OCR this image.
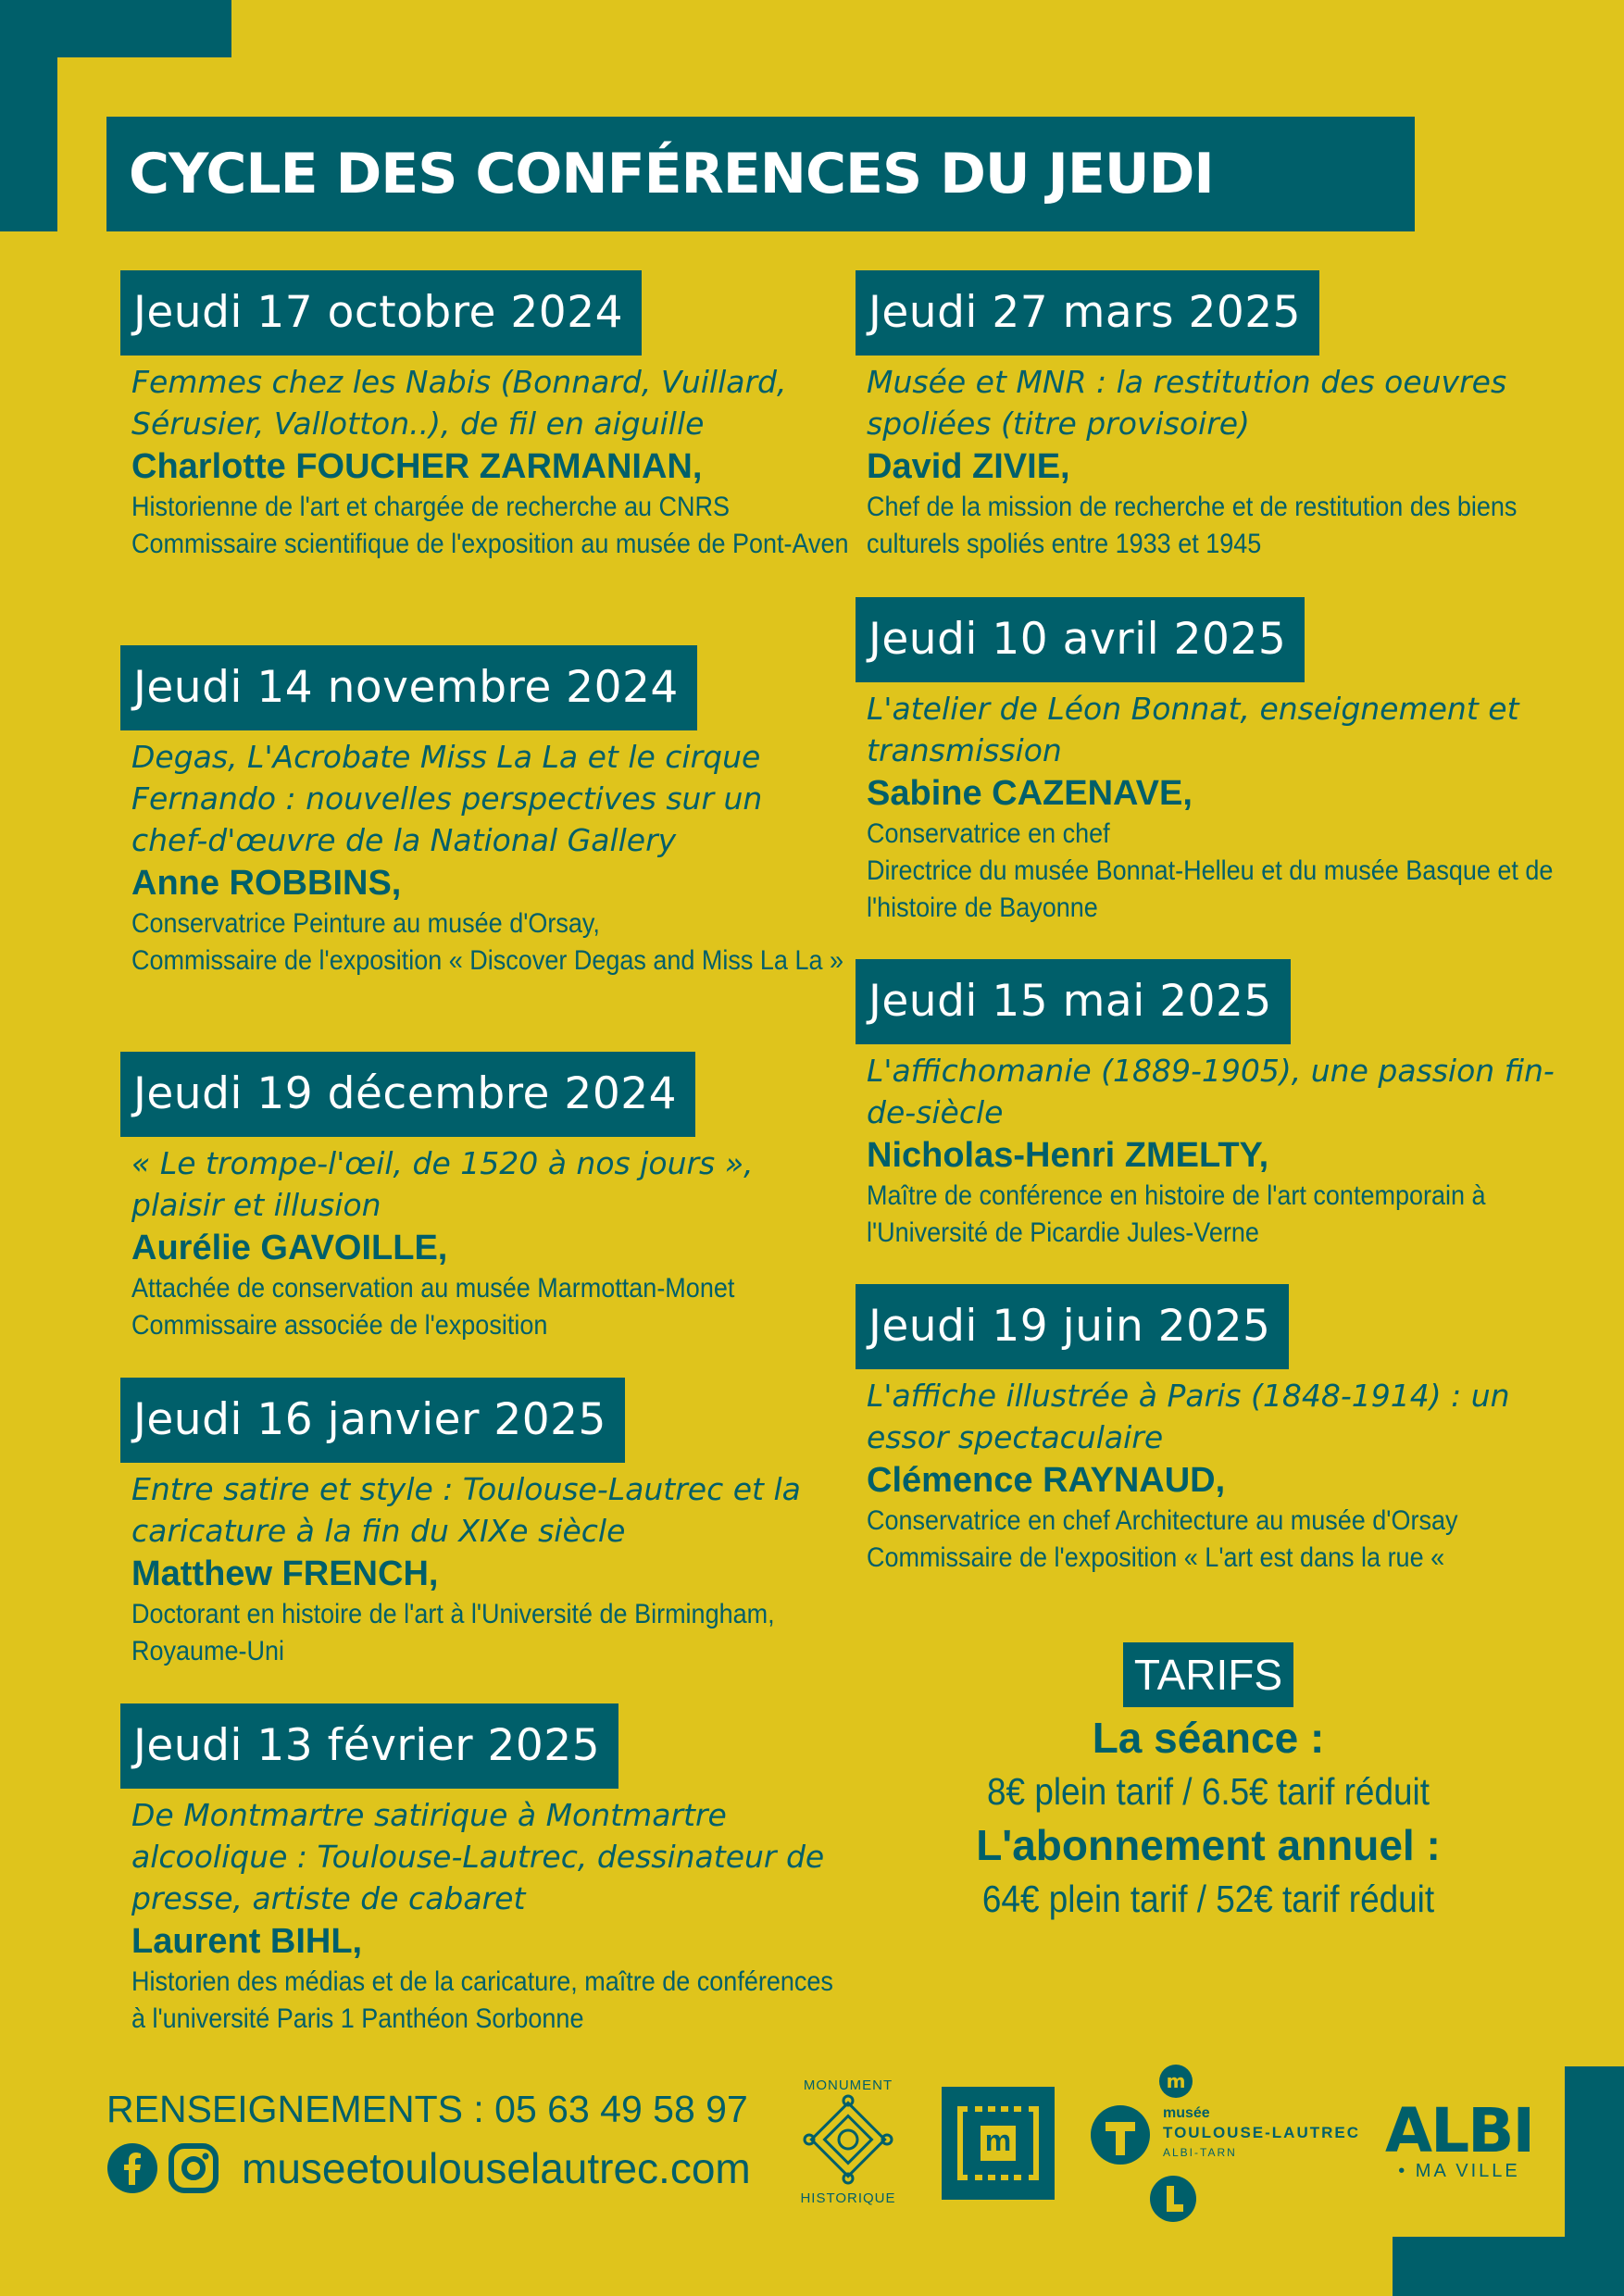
CYCLE DES CONFÉRENCES DU JEUDI
Jeudi 17 octobre 2024
Femmes chez les Nabis (Bonnard, Vuillard, Sérusier, Vallotton..), de fil en aiguille
Charlotte FOUCHER ZARMANIAN,
Historienne de l'art et chargée de recherche au CNRS
Commissaire scientifique de l'exposition au musée de Pont-Aven
Jeudi 14 novembre 2024
Degas, L'Acrobate Miss La La et le cirque Fernando : nouvelles perspectives sur un chef-d'œuvre de la National Gallery
Anne ROBBINS,
Conservatrice Peinture au musée d'Orsay,
Commissaire de l'exposition « Discover Degas and Miss La La »
Jeudi 19 décembre 2024
« Le trompe-l'œil, de 1520 à nos jours », plaisir et illusion
Aurélie GAVOILLE,
Attachée de conservation au musée Marmottan-Monet
Commissaire associée de l'exposition
Jeudi 16 janvier 2025
Entre satire et style : Toulouse-Lautrec et la caricature à la fin du XIXe siècle
Matthew FRENCH,
Doctorant en histoire de l'art à l'Université de Birmingham, Royaume-Uni
Jeudi 13 février 2025
De Montmartre satirique à Montmartre alcoolique : Toulouse-Lautrec, dessinateur de presse, artiste de cabaret
Laurent BIHL,
Historien des médias et de la caricature, maître de conférences à l'université Paris 1 Panthéon Sorbonne
Jeudi 27 mars 2025
Musée et MNR : la restitution des oeuvres spoliées (titre provisoire)
David ZIVIE,
Chef de la mission de recherche et de restitution des biens culturels spoliés entre 1933 et 1945
Jeudi 10 avril 2025
L'atelier de Léon Bonnat, enseignement et transmission
Sabine CAZENAVE,
Conservatrice en chef
Directrice du musée Bonnat-Helleu et du musée Basque et de l'histoire de Bayonne
Jeudi 15 mai 2025
L'affichomanie (1889-1905), une passion fin-de-siècle
Nicholas-Henri ZMELTY,
Maître de conférence en histoire de l'art contemporain à l'Université de Picardie Jules-Verne
Jeudi 19 juin 2025
L'affiche illustrée à Paris (1848-1914) : un essor spectaculaire
Clémence RAYNAUD,
Conservatrice en chef Architecture au musée d'Orsay
Commissaire de l'exposition « L'art est dans la rue «
TARIFS
La séance :
8€ plein tarif / 6.5€ tarif réduit
L'abonnement annuel :
64€ plein tarif / 52€ tarif réduit
RENSEIGNEMENTS : 05 63 49 58 97
museetoulouselautrec.com
MONUMENT
HISTORIQUE
m
m
musée
TOULOUSE-LAUTREC
ALBI-TARN ALBI
• MA VILLE
